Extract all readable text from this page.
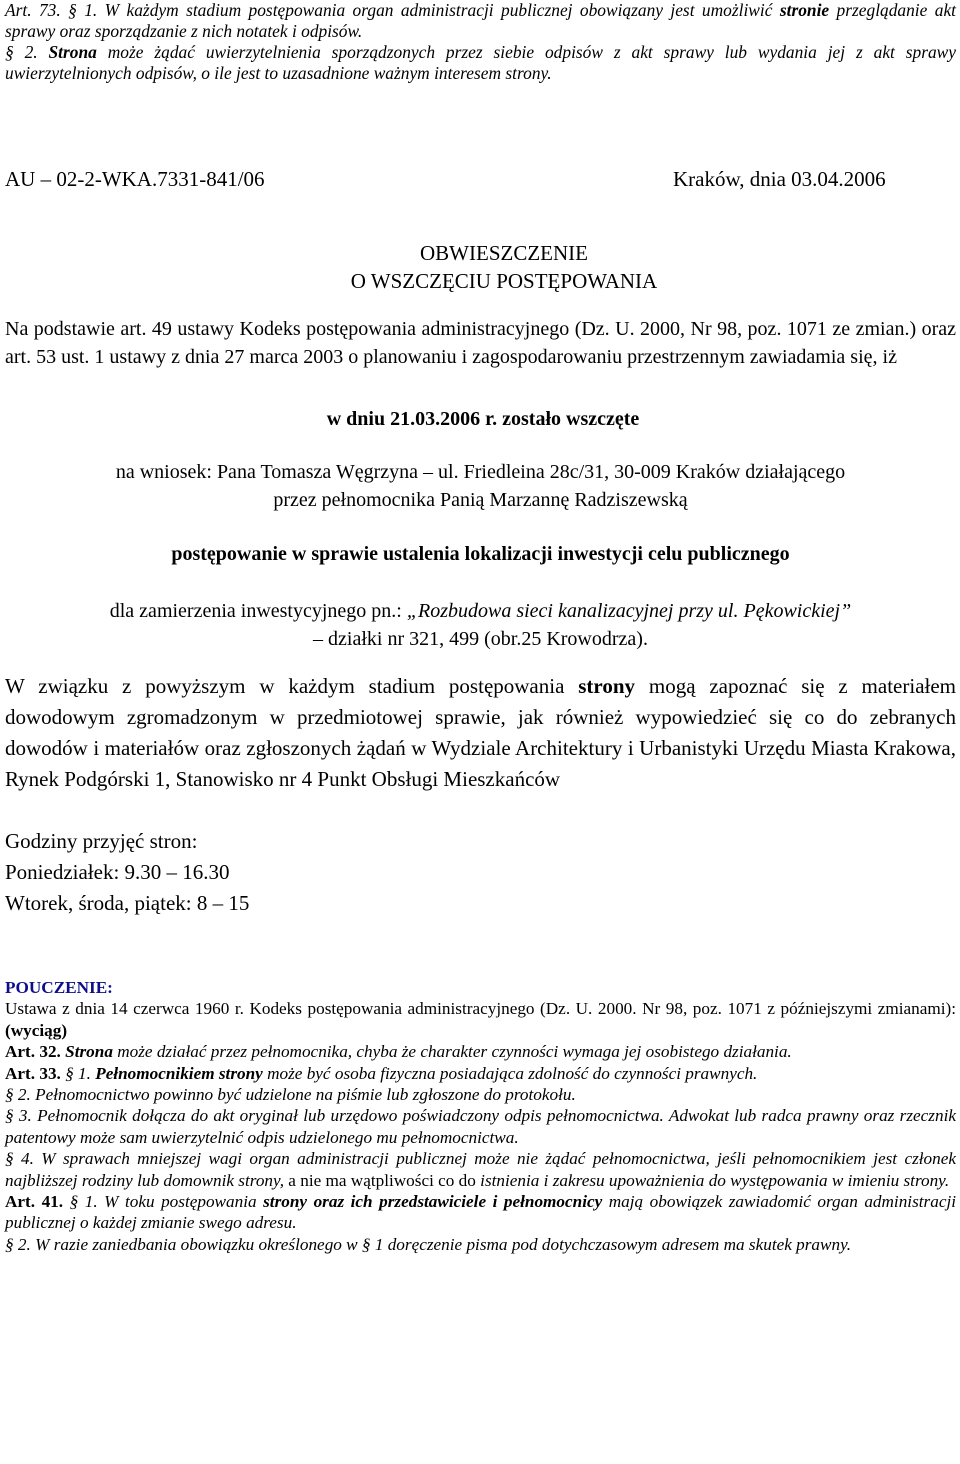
Art. 73. § 1. W każdym stadium postępowania organ administracji publicznej obowiązany jest umożliwić stronie przeglądanie akt sprawy oraz sporządzanie z nich notatek i odpisów.

§ 2. Strona może żądać uwierzytelnienia sporządzonych przez siebie odpisów z akt sprawy lub wydania jej z akt sprawy uwierzytelnionych odpisów, o ile jest to uzasadnione ważnym interesem strony.

AU – 02-2-WKA.7331-841/06	Kraków, dnia 03.04.2006
OBWIESZCZENIE
O WSZCZĘCIU POSTĘPOWANIA
Na podstawie art. 49 ustawy Kodeks postępowania administracyjnego (Dz. U. 2000, Nr 98, poz. 1071 ze zmian.) oraz art. 53 ust. 1 ustawy z dnia 27 marca 2003 o planowaniu i zagospodarowaniu przestrzennym zawiadamia się, iż
w dniu 21.03.2006 r. zostało wszczęte
na wniosek: Pana Tomasza Węgrzyna – ul. Friedleina 28c/31, 30-009 Kraków działającego
przez pełnomocnika Panią Marzannę Radziszewską
postępowanie w sprawie ustalenia lokalizacji inwestycji celu publicznego
dla zamierzenia inwestycyjnego pn.: „Rozbudowa sieci kanalizacyjnej przy ul. Pękowickiej”
– działki nr 321, 499 (obr.25 Krowodrza).
W związku z powyższym w każdym stadium postępowania strony mogą zapoznać się z materiałem dowodowym zgromadzonym w przedmiotowej sprawie, jak również wypowiedzieć się co do zebranych dowodów i materiałów oraz zgłoszonych żądań w Wydziale Architektury i Urbanistyki Urzędu Miasta Krakowa, Rynek Podgórski 1, Stanowisko nr 4 Punkt Obsługi Mieszkańców
Godziny przyjęć stron:
Poniedziałek: 9.30 – 16.30
Wtorek, środa, piątek: 8 – 15
POUCZENIE:

Ustawa z dnia 14 czerwca 1960 r. Kodeks postępowania administracyjnego (Dz. U. 2000. Nr 98, poz. 1071 z późniejszymi zmianami): (wyciąg)

Art. 32. Strona może działać przez pełnomocnika, chyba że charakter czynności wymaga jej osobistego działania.

Art. 33. § 1. Pełnomocnikiem strony może być osoba fizyczna posiadająca zdolność do czynności prawnych.

§ 2. Pełnomocnictwo powinno być udzielone na piśmie lub zgłoszone do protokołu.

§ 3. Pełnomocnik dołącza do akt oryginał lub urzędowo poświadczony odpis pełnomocnictwa. Adwokat lub radca prawny oraz rzecznik patentowy może sam uwierzytelnić odpis udzielonego mu pełnomocnictwa.

§ 4. W sprawach mniejszej wagi organ administracji publicznej może nie żądać pełnomocnictwa, jeśli pełnomocnikiem jest członek najbliższej rodziny lub domownik strony, a nie ma wątpliwości co do istnienia i zakresu upoważnienia do występowania w imieniu strony.

Art. 41. § 1. W toku postępowania strony oraz ich przedstawiciele i pełnomocnicy mają obowiązek zawiadomić organ administracji publicznej o każdej zmianie swego adresu.

§ 2. W razie zaniedbania obowiązku określonego w § 1 doręczenie pisma pod dotychczasowym adresem ma skutek prawny.
